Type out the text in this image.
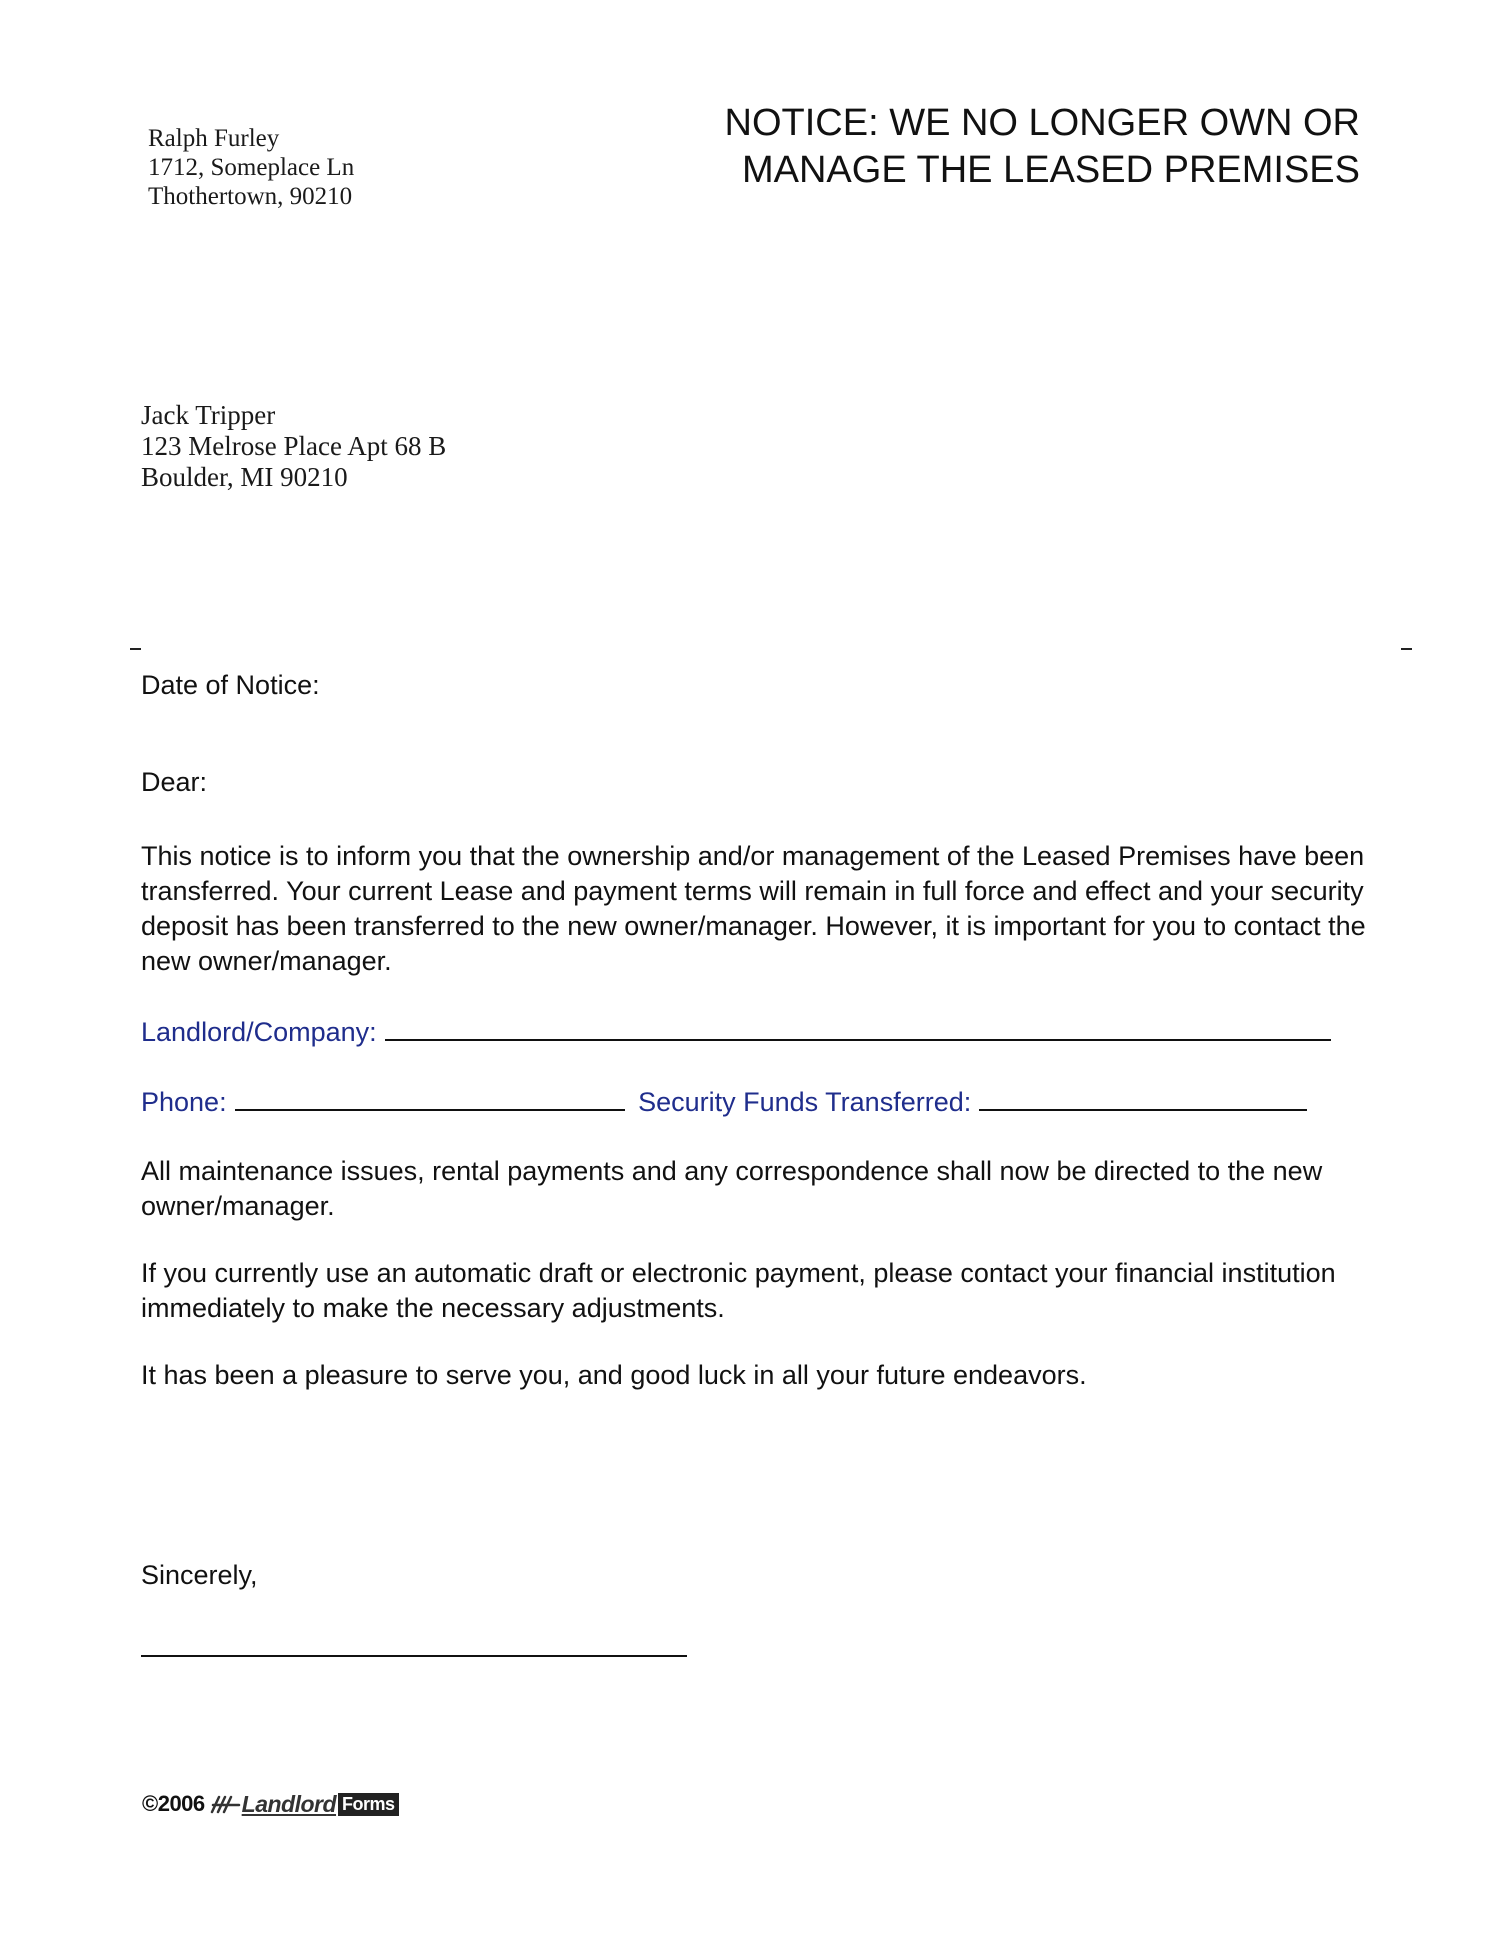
Ralph Furley
1712, Someplace Ln
Thothertown, 90210
NOTICE: WE NO LONGER OWN OR
MANAGE THE LEASED PREMISES
Jack Tripper
123 Melrose Place Apt 68 B
Boulder, MI 90210
Date of Notice:
Dear:
This notice is to inform you that the ownership and/or management of the Leased Premises have been transferred. Your current Lease and payment terms will remain in full force and effect and your security deposit has been transferred to the new owner/manager. However, it is important for you to contact the new owner/manager.
Landlord/Company:
Phone:	Security Funds Transferred:
All maintenance issues, rental payments and any correspondence shall now be directed to the new owner/manager.
If you currently use an automatic draft or electronic payment, please contact your financial institution immediately to make the necessary adjustments.
It has been a pleasure to serve you, and good luck in all your future endeavors.
Sincerely,
©2006 Landlord Forms
